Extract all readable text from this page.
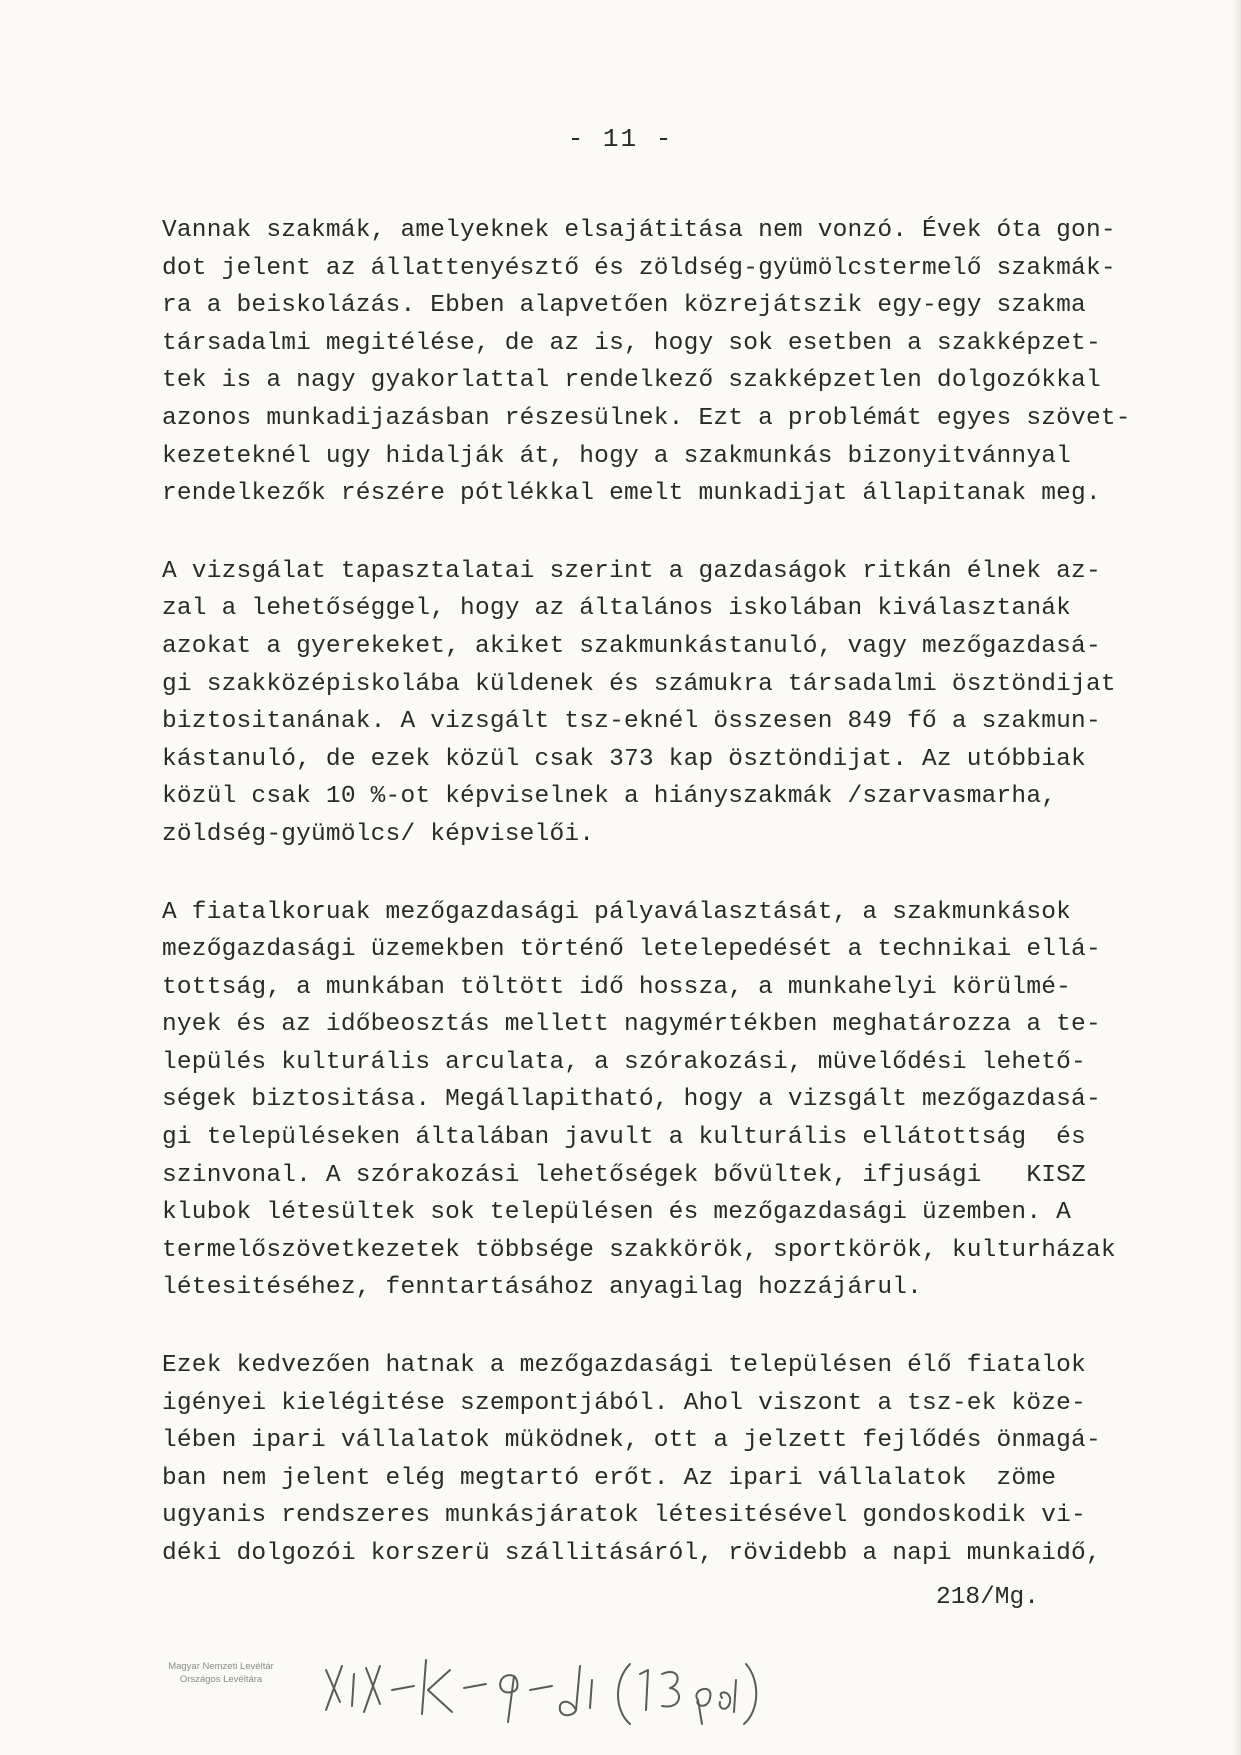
- 11 -

Vannak szakmák, amelyeknek elsajátitása nem vonzó. Évek óta gon-
dot jelent az állattenyésztő és zöldség-gyümölcstermelő szakmák-
ra a beiskolázás. Ebben alapvetően közrejátszik egy-egy szakma
társadalmi megitélése, de az is, hogy sok esetben a szakképzet-
tek is a nagy gyakorlattal rendelkező szakképzetlen dolgozókkal
azonos munkadijazásban részesülnek. Ezt a problémát egyes szövet-
kezeteknél ugy hidalják át, hogy a szakmunkás bizonyitvánnyal
rendelkezők részére pótlékkal emelt munkadijat állapitanak meg.

A vizsgálat tapasztalatai szerint a gazdaságok ritkán élnek az-
zal a lehetőséggel, hogy az általános iskolában kiválasztanák
azokat a gyerekeket, akiket szakmunkástanuló, vagy mezőgazdasá-
gi szakközépiskolába küldenek és számukra társadalmi ösztöndijat
biztositanának. A vizsgált tsz-eknél összesen 849 fő a szakmun-
kástanuló, de ezek közül csak 373 kap ösztöndijat. Az utóbbiak
közül csak 10 %-ot képviselnek a hiányszakmák /szarvasmarha,
zöldség-gyümölcs/ képviselői.

A fiatalkoruak mezőgazdasági pályaválasztását, a szakmunkások
mezőgazdasági üzemekben történő letelepedését a technikai ellá-
tottság, a munkában töltött idő hossza, a munkahelyi körülmé-
nyek és az időbeosztás mellett nagymértékben meghatározza a te-
lepülés kulturális arculata, a szórakozási, müvelődési lehető-
ségek biztositása. Megállapitható, hogy a vizsgált mezőgazdasá-
gi településeken általában javult a kulturális ellátottság  és
szinvonal. A szórakozási lehetőségek bővültek, ifjusági   KISZ
klubok létesültek sok településen és mezőgazdasági üzemben. A
termelőszövetkezetek többsége szakkörök, sportkörök, kulturházak
létesitéséhez, fenntartásához anyagilag hozzájárul.

Ezek kedvezően hatnak a mezőgazdasági településen élő fiatalok
igényei kielégitése szempontjából. Ahol viszont a tsz-ek köze-
lében ipari vállalatok müködnek, ott a jelzett fejlődés önmagá-
ban nem jelent elég megtartó erőt. Az ipari vállalatok  zöme
ugyanis rendszeres munkásjáratok létesitésével gondoskodik vi-
déki dolgozói korszerü szállitásáról, rövidebb a napi munkaidő,

218/Mg.
Magyar Nemzeti Levéltár
Országos Levéltára
